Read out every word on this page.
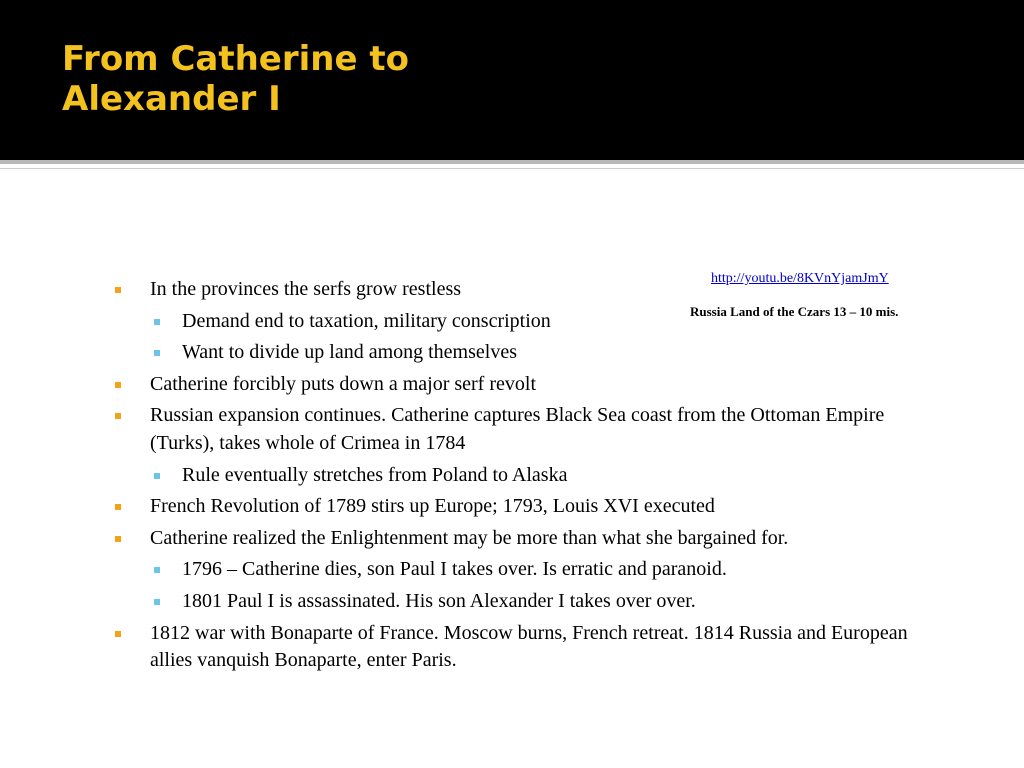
From Catherine to
Alexander I
http://youtu.be/8KVnYjamJmY
Russia Land of the Czars 13 – 10 mis.
In the provinces the serfs grow restless
Demand end to taxation, military conscription
Want to divide up land among themselves
Catherine forcibly puts down a major serf revolt
Russian expansion continues. Catherine captures Black Sea coast from the Ottoman Empire (Turks), takes whole of Crimea in 1784
Rule eventually stretches from Poland to Alaska
French Revolution of 1789 stirs up Europe; 1793, Louis XVI executed
Catherine realized the Enlightenment may be more than what she bargained for.
1796 – Catherine dies, son Paul I takes over. Is erratic and paranoid.
1801 Paul I is assassinated. His son Alexander I takes over over.
1812 war with Bonaparte of France. Moscow burns, French retreat. 1814 Russia and European allies vanquish Bonaparte, enter Paris.
